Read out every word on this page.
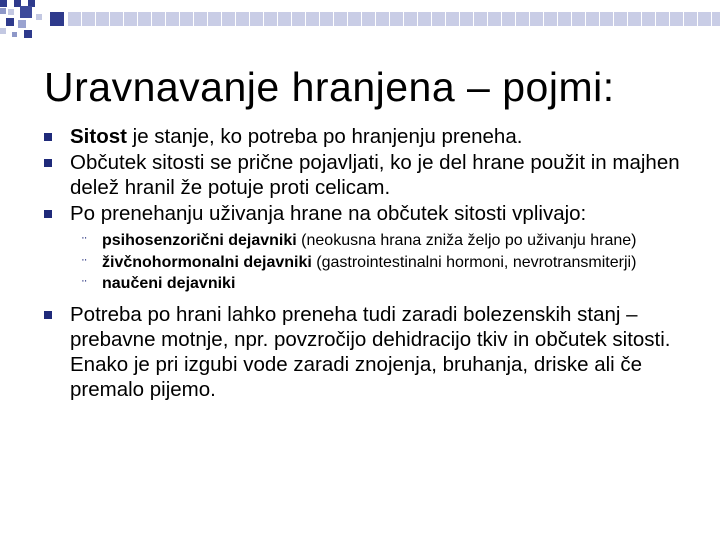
Uravnavanje hranjena – pojmi:
Sitost je stanje, ko potreba po hranjenju preneha.
Občutek sitosti se prične pojavljati, ko je del hrane použit in majhen delež hranil že potuje proti celicam.
Po prenehanju uživanja hrane na občutek sitosti vplivajo:
¨ psihosenzorični dejavniki (neokusna hrana zniža željo po uživanju hrane)
¨ živčnohormonalni dejavniki (gastrointestinalni hormoni, nevrotransmiterji)
¨ naučeni dejavniki
Potreba po hrani lahko preneha tudi zaradi bolezenskih stanj – prebavne motnje, npr. povzročijo dehidracijo tkiv in občutek sitosti. Enako je pri izgubi vode zaradi znojenja, bruhanja, driske ali če premalo pijemo.
